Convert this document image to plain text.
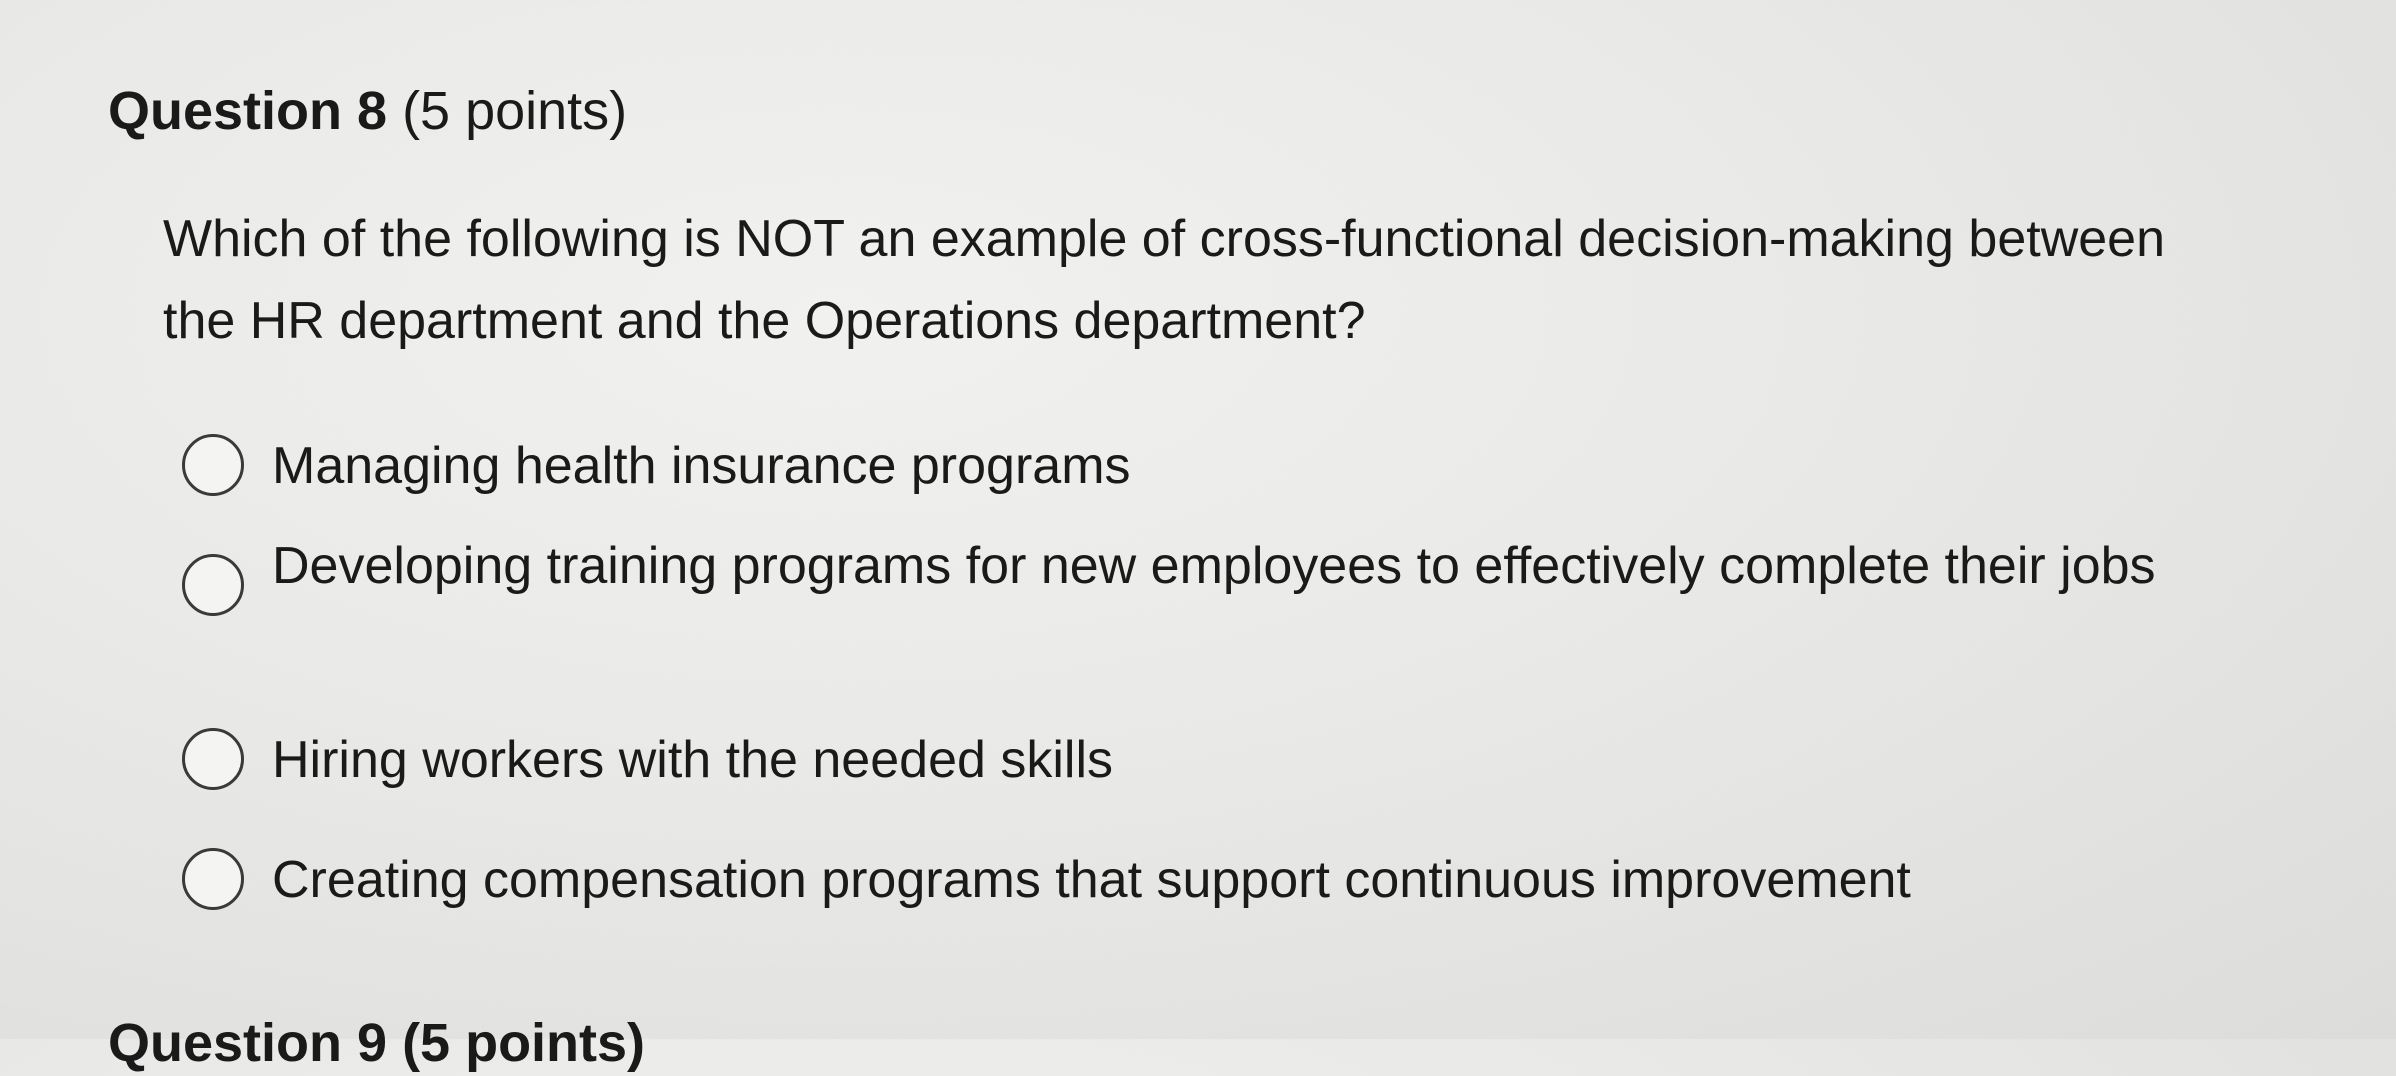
Question 8 (5 points)

Which of the following is NOT an example of cross-functional decision-making between the HR department and the Operations department?

Managing health insurance programs
Developing training programs for new employees to effectively complete their jobs
Hiring workers with the needed skills
Creating compensation programs that support continuous improvement
Question 9 (5 points)
